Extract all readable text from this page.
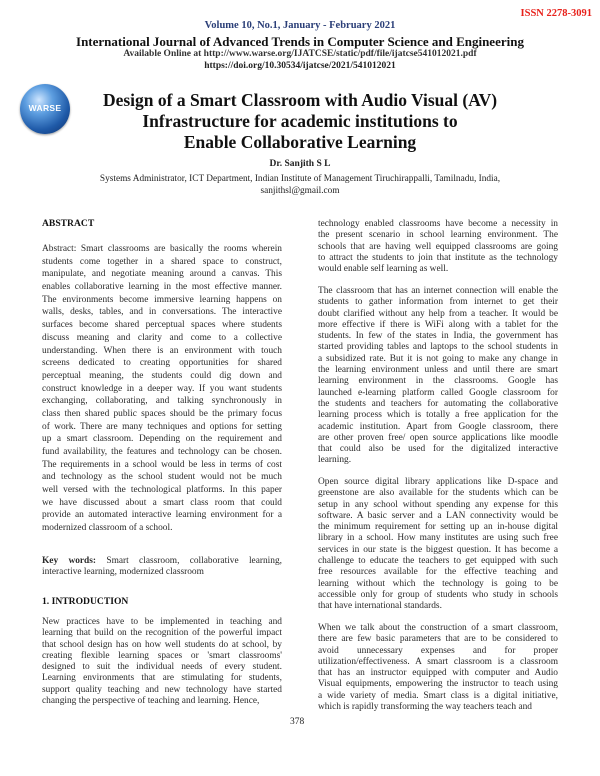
ISSN 2278-3091
Volume 10, No.1, January - February 2021
International Journal of Advanced Trends in Computer Science and Engineering
Available Online at http://www.warse.org/IJATCSE/static/pdf/file/ijatcse541012021.pdf
https://doi.org/10.30534/ijatcse/2021/541012021
WARSE	Design of a Smart Classroom with Audio Visual (AV)
Infrastructure for academic institutions to
Enable Collaborative Learning
Dr. Sanjith S L
Systems Administrator, ICT Department, Indian Institute of Management Tiruchirappalli, Tamilnadu, India,
sanjithsl@gmail.com
ABSTRACT
Abstract: Smart classrooms are basically the rooms wherein
students come together in a shared space to construct,
manipulate, and negotiate meaning around a canvas. This
enables collaborative learning in the most effective manner.
The environments become immersive learning happens on
walls, desks, tables, and in conversations. The interactive
surfaces become shared perceptual spaces where students
discuss meaning and clarity and come to a collective
understanding. When there is an environment with touch
screens dedicated to creating opportunities for shared
perceptual meaning, the students could dig down and
construct knowledge in a deeper way. If you want students
exchanging, collaborating, and talking synchronously in
class then shared public spaces should be the primary focus
of work. There are many techniques and options for setting
up a smart classroom. Depending on the requirement and
fund availability, the features and technology can be chosen.
The requirements in a school would be less in terms of cost
and technology as the school student would not be much
well versed with the technological platforms. In this paper
we have discussed about a smart class room that could
provide an automated interactive learning environment for a
modernized classroom of a school.
Key words: Smart classroom, collaborative learning,
interactive learning, modernized classroom
1. INTRODUCTION
New practices have to be implemented in teaching and
learning that build on the recognition of the powerful impact
that school design has on how well students do at school, by
creating flexible learning spaces or 'smart classrooms'
designed to suit the individual needs of every student.
Learning environments that are stimulating for students,
support quality teaching and new technology have started
changing the perspective of teaching and learning. Hence,
technology enabled classrooms have become a necessity in
the present scenario in school learning environment. The
schools that are having well equipped classrooms are going
to attract the students to join that institute as the technology
would enable self learning as well.
The classroom that has an internet connection will enable the
students to gather information from internet to get their
doubt clarified without any help from a teacher. It would be
more effective if there is WiFi along with a tablet for the
students. In few of the states in India, the government has
started providing tables and laptops to the school students in
a subsidized rate. But it is not going to make any change in
the learning environment unless and until there are smart
learning environment in the classrooms. Google has
launched e-learning platform called Google classroom for
the students and teachers for automating the collaborative
learning process which is totally a free application for the
academic institution. Apart from Google classroom, there
are other proven free/ open source applications like moodle
that could also be used for the digitalized interactive
learning.
Open source digital library applications like D-space and
greenstone are also available for the students which can be
setup in any school without spending any expense for this
software. A basic server and a LAN connectivity would be
the minimum requirement for setting up an in-house digital
library in a school. How many institutes are using such free
services in our state is the biggest question. It has become a
challenge to educate the teachers to get equipped with such
free resources available for the effective teaching and
learning without which the technology is going to be
accessible only for group of students who study in schools
that have international standards.
When we talk about the construction of a smart classroom,
there are few basic parameters that are to be considered to
avoid unnecessary expenses and for proper
utilization/effectiveness. A smart classroom is a classroom
that has an instructor equipped with computer and Audio
Visual equipments, empowering the instructor to teach using
a wide variety of media. Smart class is a digital initiative,
which is rapidly transforming the way teachers teach and
378
